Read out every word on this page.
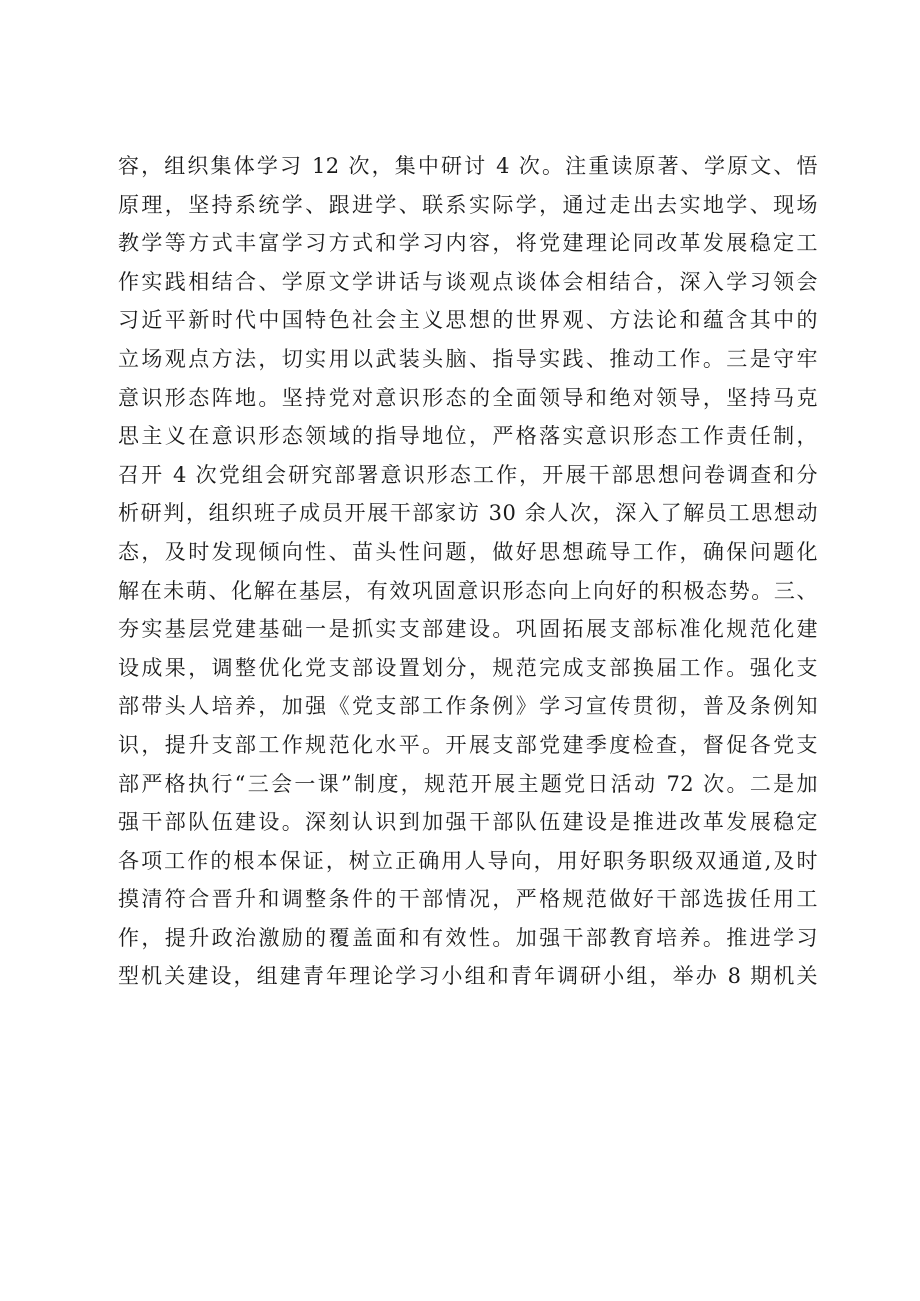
容，组织集体学习 12 次，集中研讨 4 次。注重读原著、学原文、悟
原理，坚持系统学、跟进学、联系实际学，通过走出去实地学、现场
教学等方式丰富学习方式和学习内容，将党建理论同改革发展稳定工
作实践相结合、学原文学讲话与谈观点谈体会相结合，深入学习领会
习近平新时代中国特色社会主义思想的世界观、方法论和蕴含其中的
立场观点方法，切实用以武装头脑、指导实践、推动工作。三是守牢
意识形态阵地。坚持党对意识形态的全面领导和绝对领导，坚持马克
思主义在意识形态领域的指导地位，严格落实意识形态工作责任制，
召开 4 次党组会研究部署意识形态工作，开展干部思想问卷调查和分
析研判，组织班子成员开展干部家访 30 余人次，深入了解员工思想动
态，及时发现倾向性、苗头性问题，做好思想疏导工作，确保问题化
解在未萌、化解在基层，有效巩固意识形态向上向好的积极态势。三、
夯实基层党建基础一是抓实支部建设。巩固拓展支部标准化规范化建
设成果，调整优化党支部设置划分，规范完成支部换届工作。强化支
部带头人培养，加强《党支部工作条例》学习宣传贯彻，普及条例知
识，提升支部工作规范化水平。开展支部党建季度检查，督促各党支
部严格执行“三会一课”制度，规范开展主题党日活动 72 次。二是加
强干部队伍建设。深刻认识到加强干部队伍建设是推进改革发展稳定
各项工作的根本保证，树立正确用人导向，用好职务职级双通道,及时
摸清符合晋升和调整条件的干部情况，严格规范做好干部选拔任用工
作，提升政治激励的覆盖面和有效性。加强干部教育培养。推进学习
型机关建设，组建青年理论学习小组和青年调研小组，举办 8 期机关
